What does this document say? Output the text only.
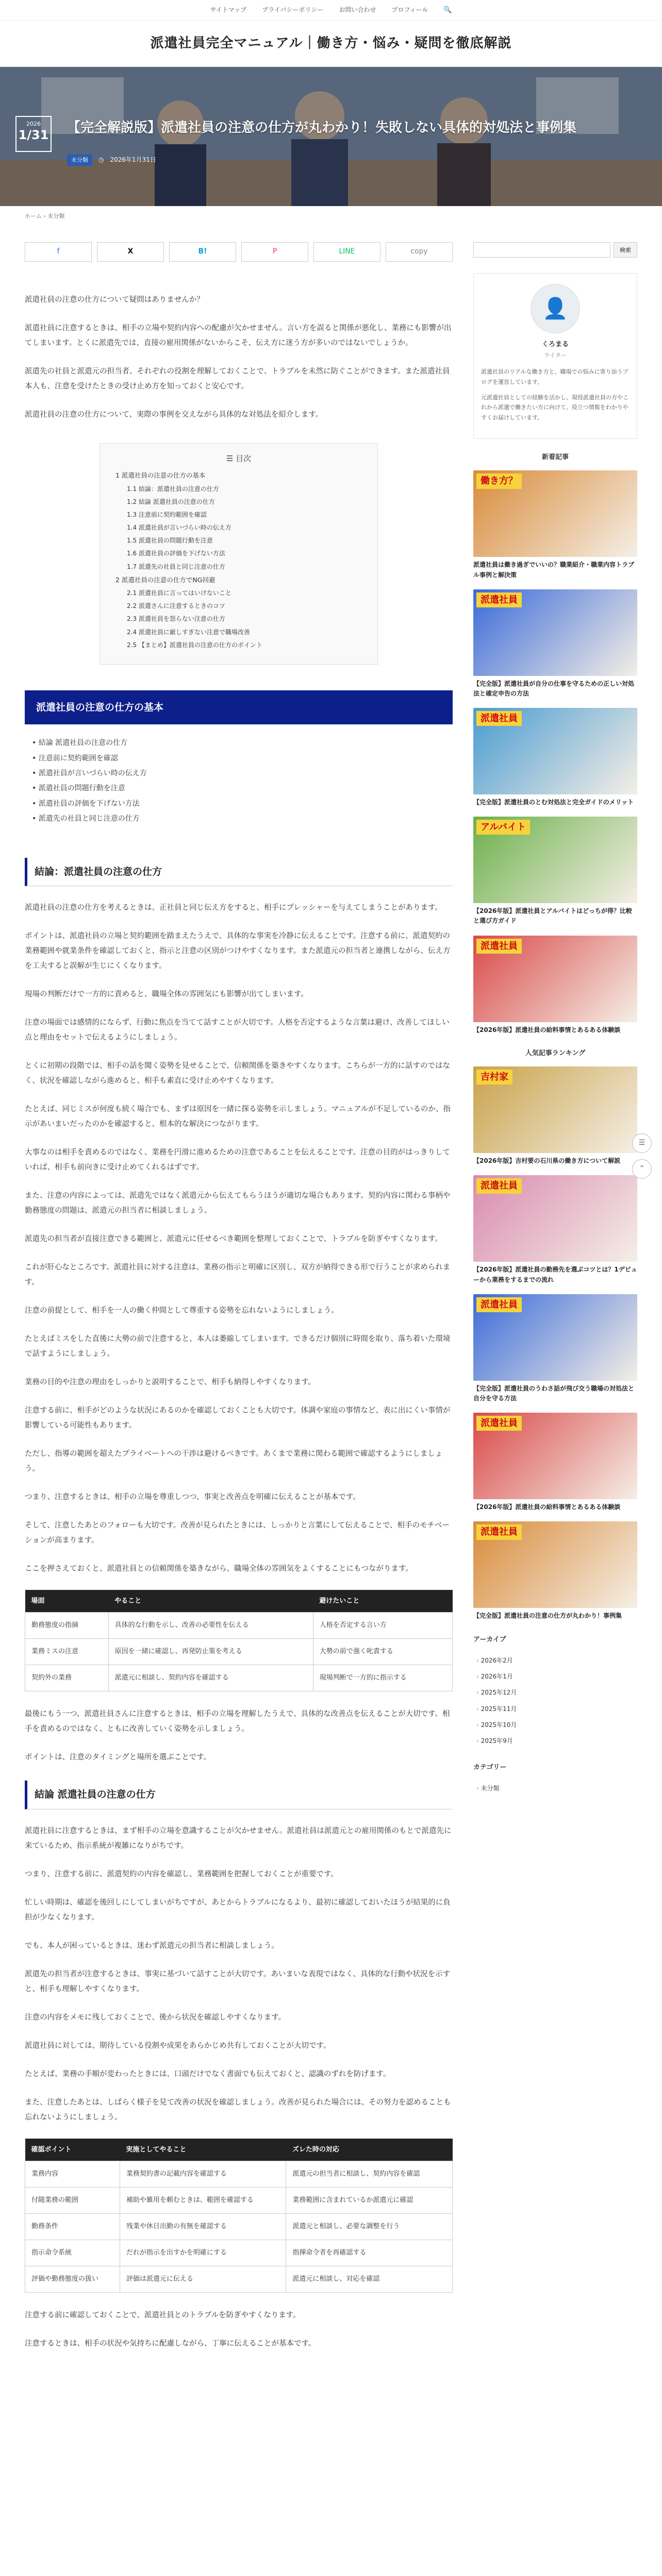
サイトマップ	プライバシーポリシー	お問い合わせ	プロフィール 🔍
派遣社員完全マニュアル｜働き方・悩み・疑問を徹底解説
2026
1/31 【完全解説版】派遣社員の注意の仕方が丸わかり！失敗しない具体的対処法と事例集
未分類	◷ 2026年1月31日
ホーム › 未分類
f	X	B!	P	LINE	copy

派遣社員の注意の仕方について疑問はありませんか？

派遣社員に注意するときは、相手の立場や契約内容への配慮が欠かせません。言い方を誤ると関係が悪化し、業務にも影響が出てしまいます。とくに派遣先では、直接の雇用関係がないからこそ、伝え方に迷う方が多いのではないでしょうか。

派遣先の社員と派遣元の担当者、それぞれの役割を理解しておくことで、トラブルを未然に防ぐことができます。また派遣社員本人も、注意を受けたときの受け止め方を知っておくと安心です。

派遣社員の注意の仕方について、実際の事例を交えながら具体的な対処法を紹介します。

☰ 目次
1 派遣社員の注意の仕方の基本
1.1 結論：派遣社員の注意の仕方
1.2 結論 派遣社員の注意の仕方
1.3 注意前に契約範囲を確認
1.4 派遣社員が言いづらい時の伝え方
1.5 派遣社員の問題行動を注意
1.6 派遣社員の評価を下げない方法
1.7 派遣先の社員と同じ注意の仕方
2 派遣社員の注意の仕方でNG回避
2.1 派遣社員に言ってはいけないこと
2.2 派遣さんに注意するときのコツ
2.3 派遣社員を怒らない注意の仕方
2.4 派遣社員に厳しすぎない注意で職場改善
2.5 【まとめ】派遣社員の注意の仕方のポイント
派遣社員の注意の仕方の基本
• 結論 派遣社員の注意の仕方
• 注意前に契約範囲を確認
• 派遣社員が言いづらい時の伝え方
• 派遣社員の問題行動を注意
• 派遣社員の評価を下げない方法
• 派遣先の社員と同じ注意の仕方
結論：派遣社員の注意の仕方

派遣社員の注意の仕方を考えるときは、正社員と同じ伝え方をすると、相手にプレッシャーを与えてしまうことがあります。

ポイントは、派遣社員の立場と契約範囲を踏まえたうえで、具体的な事実を冷静に伝えることです。注意する前に、派遣契約の業務範囲や就業条件を確認しておくと、指示と注意の区別がつけやすくなります。また派遣元の担当者と連携しながら、伝え方を工夫すると誤解が生じにくくなります。

現場の判断だけで一方的に責めると、職場全体の雰囲気にも影響が出てしまいます。

注意の場面では感情的にならず、行動に焦点を当てて話すことが大切です。人格を否定するような言葉は避け、改善してほしい点と理由をセットで伝えるようにしましょう。

とくに初期の段階では、相手の話を聞く姿勢を見せることで、信頼関係を築きやすくなります。こちらが一方的に話すのではなく、状況を確認しながら進めると、相手も素直に受け止めやすくなります。

たとえば、同じミスが何度も続く場合でも、まずは原因を一緒に探る姿勢を示しましょう。マニュアルが不足しているのか、指示があいまいだったのかを確認すると、根本的な解決につながります。

大事なのは相手を責めるのではなく、業務を円滑に進めるための注意であることを伝えることです。注意の目的がはっきりしていれば、相手も前向きに受け止めてくれるはずです。

また、注意の内容によっては、派遣先ではなく派遣元から伝えてもらうほうが適切な場合もあります。契約内容に関わる事柄や勤務態度の問題は、派遣元の担当者に相談しましょう。

派遣先の担当者が直接注意できる範囲と、派遣元に任せるべき範囲を整理しておくことで、トラブルを防ぎやすくなります。

これが肝心なところです。派遣社員に対する注意は、業務の指示と明確に区別し、双方が納得できる形で行うことが求められます。

注意の前提として、相手を一人の働く仲間として尊重する姿勢を忘れないようにしましょう。

たとえばミスをした直後に大勢の前で注意すると、本人は萎縮してしまいます。できるだけ個別に時間を取り、落ち着いた環境で話すようにしましょう。

業務の目的や注意の理由をしっかりと説明することで、相手も納得しやすくなります。

注意する前に、相手がどのような状況にあるのかを確認しておくことも大切です。体調や家庭の事情など、表に出にくい事情が影響している可能性もあります。

ただし、指導の範囲を超えたプライベートへの干渉は避けるべきです。あくまで業務に関わる範囲で確認するようにしましょう。

つまり、注意するときは、相手の立場を尊重しつつ、事実と改善点を明確に伝えることが基本です。

そして、注意したあとのフォローも大切です。改善が見られたときには、しっかりと言葉にして伝えることで、相手のモチベーションが高まります。

ここを押さえておくと、派遣社員との信頼関係を築きながら、職場全体の雰囲気をよくすることにもつながります。

場面	やること	避けたいこと
勤務態度の指摘	具体的な行動を示し、改善の必要性を伝える	人格を否定する言い方
業務ミスの注意	原因を一緒に確認し、再発防止策を考える	大勢の前で強く叱責する
契約外の業務	派遣元に相談し、契約内容を確認する	現場判断で一方的に指示する

最後にもう一つ、派遣社員さんに注意するときは、相手の立場を理解したうえで、具体的な改善点を伝えることが大切です。相手を責めるのではなく、ともに改善していく姿勢を示しましょう。

ポイントは、注意のタイミングと場所を選ぶことです。

結論 派遣社員の注意の仕方

派遣社員に注意するときは、まず相手の立場を意識することが欠かせません。派遣社員は派遣元との雇用関係のもとで派遣先に来ているため、指示系統が複雑になりがちです。

つまり、注意する前に、派遣契約の内容を確認し、業務範囲を把握しておくことが重要です。

忙しい時期は、確認を後回しにしてしまいがちですが、あとからトラブルになるより、最初に確認しておいたほうが結果的に負担が少なくなります。

でも、本人が困っているときは、迷わず派遣元の担当者に相談しましょう。

派遣先の担当者が注意するときは、事実に基づいて話すことが大切です。あいまいな表現ではなく、具体的な行動や状況を示すと、相手も理解しやすくなります。

注意の内容をメモに残しておくことで、後から状況を確認しやすくなります。

派遣社員に対しては、期待している役割や成果をあらかじめ共有しておくことが大切です。

たとえば、業務の手順が変わったときには、口頭だけでなく書面でも伝えておくと、認識のずれを防げます。

また、注意したあとは、しばらく様子を見て改善の状況を確認しましょう。改善が見られた場合には、その努力を認めることも忘れないようにしましょう。

確認ポイント	実施としてやること	ズレた時の対応
業務内容	業務契約書の記載内容を確認する	派遣元の担当者に相談し、契約内容を確認
付随業務の範囲	補助や雑用を頼むときは、範囲を確認する	業務範囲に含まれているか派遣元に確認
勤務条件	残業や休日出勤の有無を確認する	派遣元と相談し、必要な調整を行う
指示命令系統	だれが指示を出すかを明確にする	指揮命令者を再確認する
評価や勤務態度の扱い	評価は派遣元に伝える	派遣元に相談し、対応を確認

注意する前に確認しておくことで、派遣社員とのトラブルを防ぎやすくなります。

注意するときは、相手の状況や気持ちに配慮しながら、丁寧に伝えることが基本です。

検索
👤
くろまる
ライター
派遣社員のリアルな働き方と、職場での悩みに寄り添うブログを運営しています。
元派遣社員としての経験を活かし、現役派遣社員の方やこれから派遣で働きたい方に向けて、役立つ情報をわかりやすくお届けしています。
新着記事
働き方？
派遣社員は働き過ぎでいいの？職業紹介・職業内容トラブル事例と解決策
派遣社員
【完全版】派遣社員が自分の仕事を守るための正しい対処法と確定申告の方法
派遣社員
【完全版】派遣社員のとむ対処法と完全ガイドのメリット
アルバイト
【2026年版】派遣社員とアルバイトはどっちが得？比較と選び方ガイド
派遣社員
【2026年版】派遣社員の給料事情とあるある体験談
人気記事ランキング
吉村家
【2026年版】吉村要の石川県の働き方について解説
派遣社員
【2026年版】派遣社員の勤務先を選ぶコツとは？1デビューから業務をするまでの流れ
派遣社員
【完全版】派遣社員のうわさ話が飛び交う職場の対処法と自分を守る方法
派遣社員
【2026年版】派遣社員の給料事情とあるある体験談
派遣社員
【完全版】派遣社員の注意の仕方が丸わかり！事例集
アーカイブ
› 2026年2月
› 2026年1月
› 2025年12月
› 2025年11月
› 2025年10月
› 2025年9月
カテゴリー
› 未分類
☰
⌃
